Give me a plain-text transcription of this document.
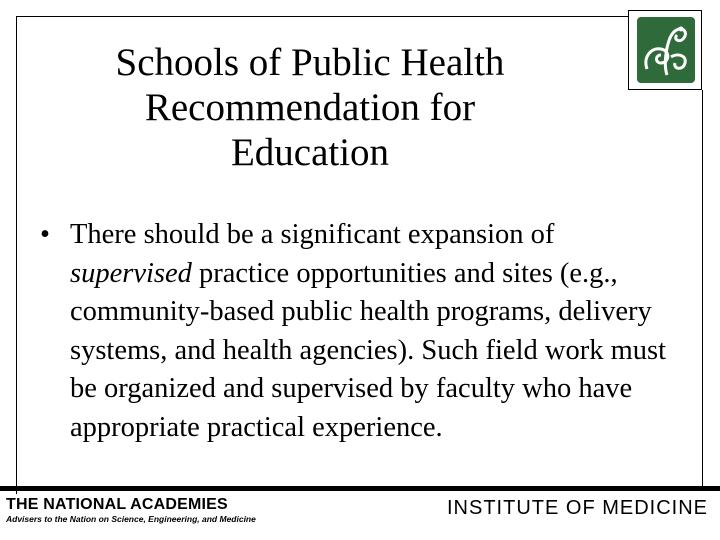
Schools of Public Health
Recommendation for
Education
• There should be a significant expansion of supervised practice opportunities and sites (e.g., community-based public health programs, delivery systems, and health agencies). Such field work must be organized and supervised by faculty who have appropriate practical experience.
THE NATIONAL ACADEMIES
Advisers to the Nation on Science, Engineering, and Medicine	INSTITUTE OF MEDICINE
